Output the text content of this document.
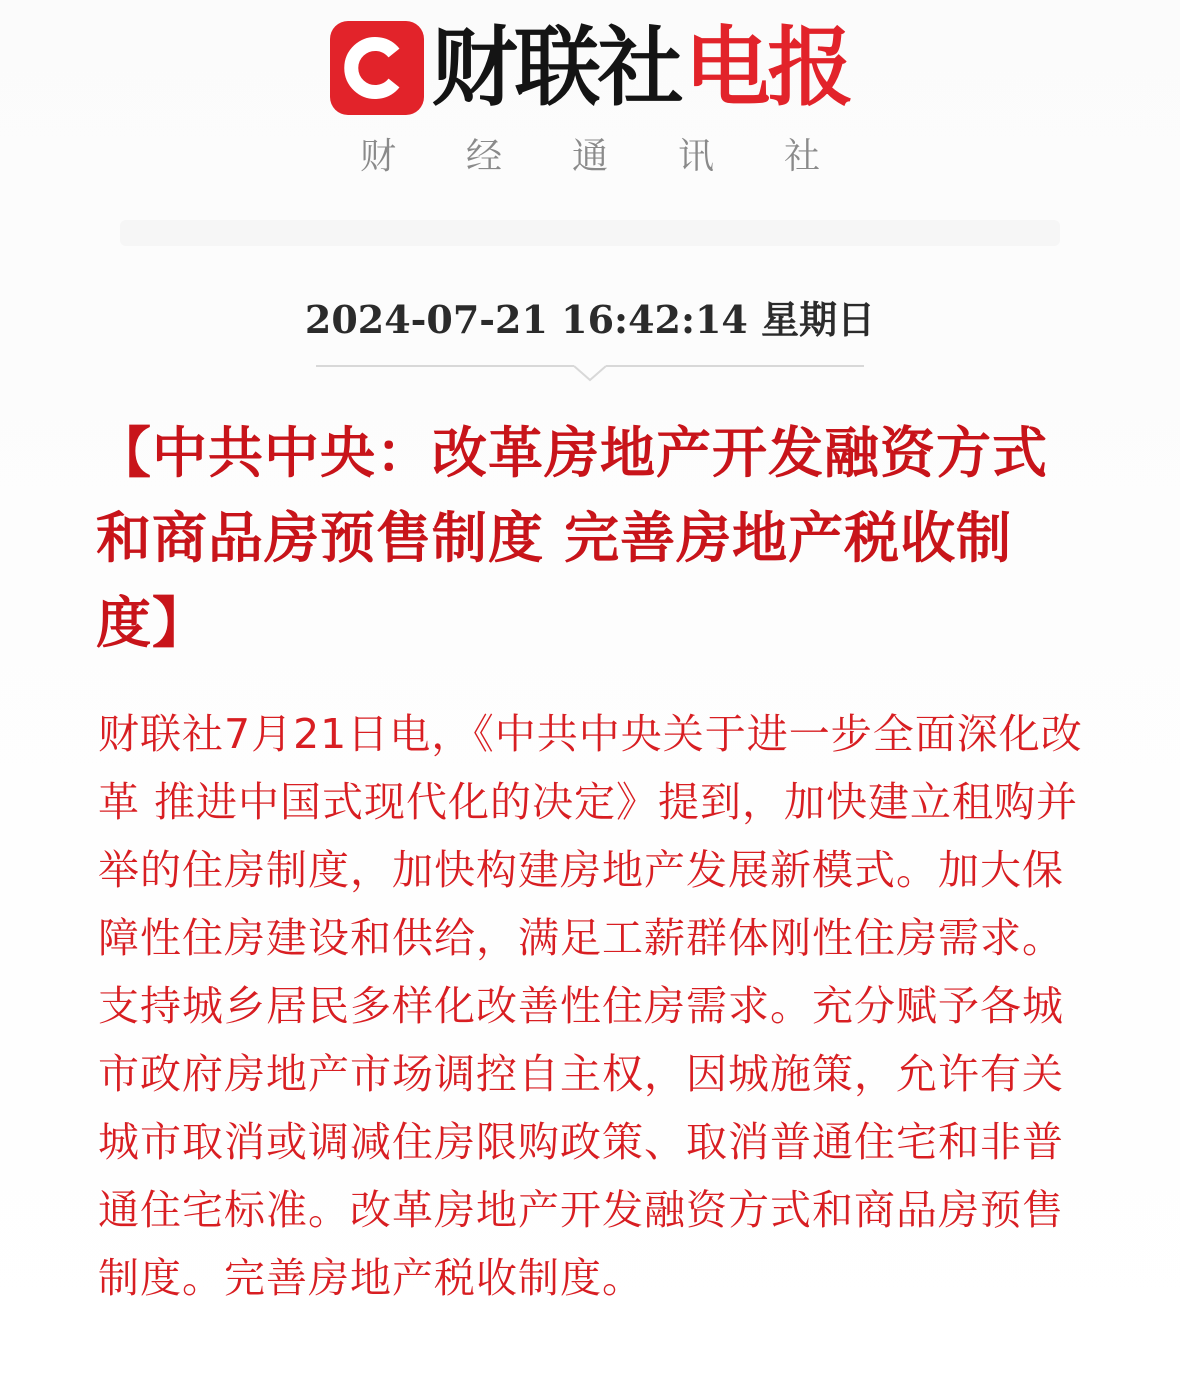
财联社 电报
财经通讯社
2024-07-21 16:42:14 星期日
【中共中央：改革房地产开发融资方式和商品房预售制度 完善房地产税收制度】
财联社7月21日电，《中共中央关于进一步全面深化改革 推进中国式现代化的决定》提到，加快建立租购并举的住房制度，加快构建房地产发展新模式。加大保障性住房建设和供给，满足工薪群体刚性住房需求。支持城乡居民多样化改善性住房需求。充分赋予各城市政府房地产市场调控自主权，因城施策，允许有关城市取消或调减住房限购政策、取消普通住宅和非普通住宅标准。改革房地产开发融资方式和商品房预售制度。完善房地产税收制度。
